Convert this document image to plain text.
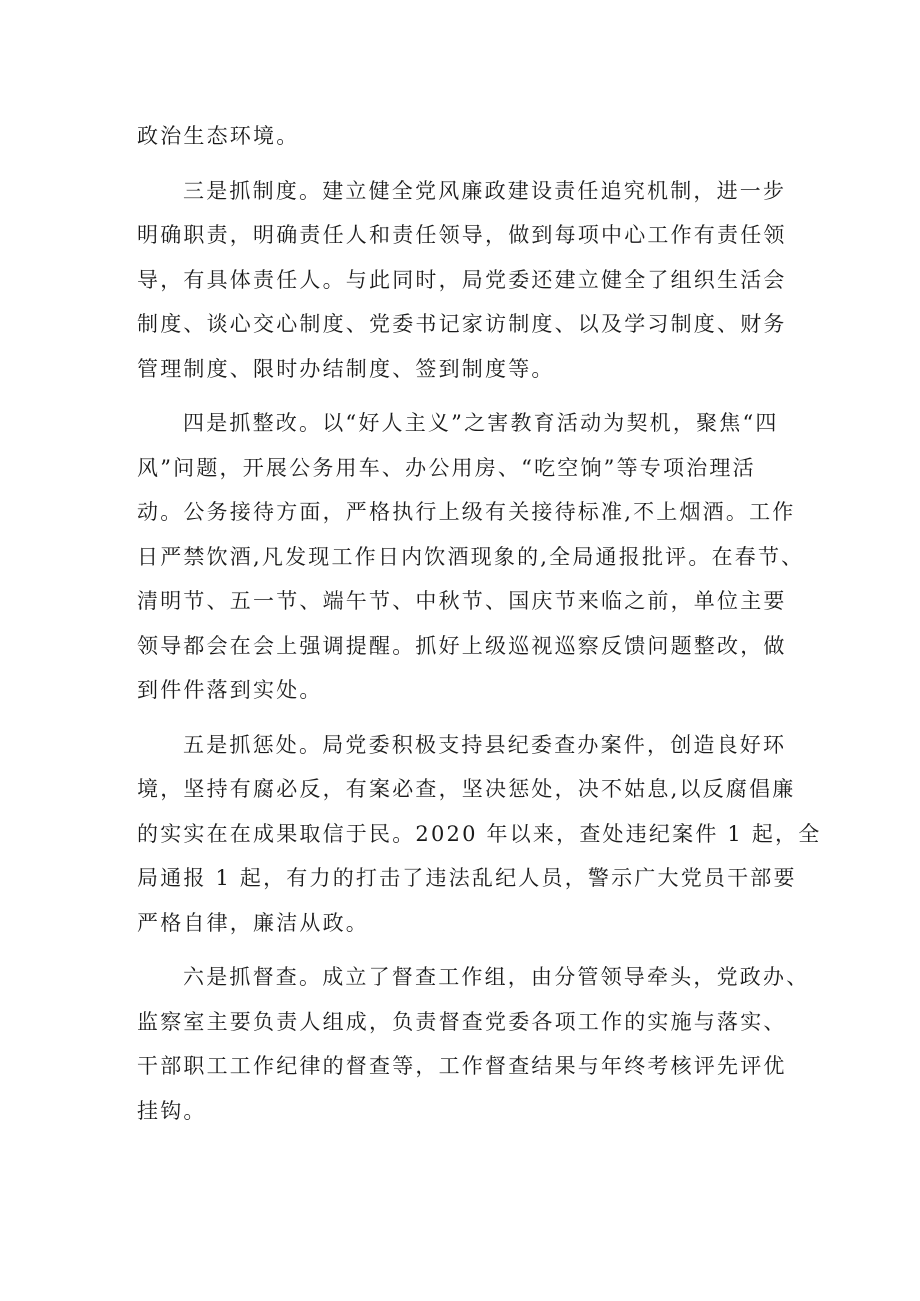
政治生态环境。
三是抓制度。建立健全党风廉政建设责任追究机制，进一步
明确职责，明确责任人和责任领导，做到每项中心工作有责任领
导，有具体责任人。与此同时，局党委还建立健全了组织生活会
制度、谈心交心制度、党委书记家访制度、以及学习制度、财务
管理制度、限时办结制度、签到制度等。
四是抓整改。以“好人主义”之害教育活动为契机，聚焦“四
风”问题，开展公务用车、办公用房、“吃空饷”等专项治理活
动。公务接待方面，严格执行上级有关接待标准,不上烟酒。工作
日严禁饮酒,凡发现工作日内饮酒现象的,全局通报批评。在春节、
清明节、五一节、端午节、中秋节、国庆节来临之前，单位主要
领导都会在会上强调提醒。抓好上级巡视巡察反馈问题整改，做
到件件落到实处。
五是抓惩处。局党委积极支持县纪委查办案件，创造良好环
境，坚持有腐必反，有案必查，坚决惩处，决不姑息,以反腐倡廉
的实实在在成果取信于民。2020 年以来，查处违纪案件 1 起，全
局通报 1 起，有力的打击了违法乱纪人员，警示广大党员干部要
严格自律，廉洁从政。
六是抓督查。成立了督查工作组，由分管领导牵头，党政办、
监察室主要负责人组成，负责督查党委各项工作的实施与落实、
干部职工工作纪律的督查等，工作督查结果与年终考核评先评优
挂钩。
